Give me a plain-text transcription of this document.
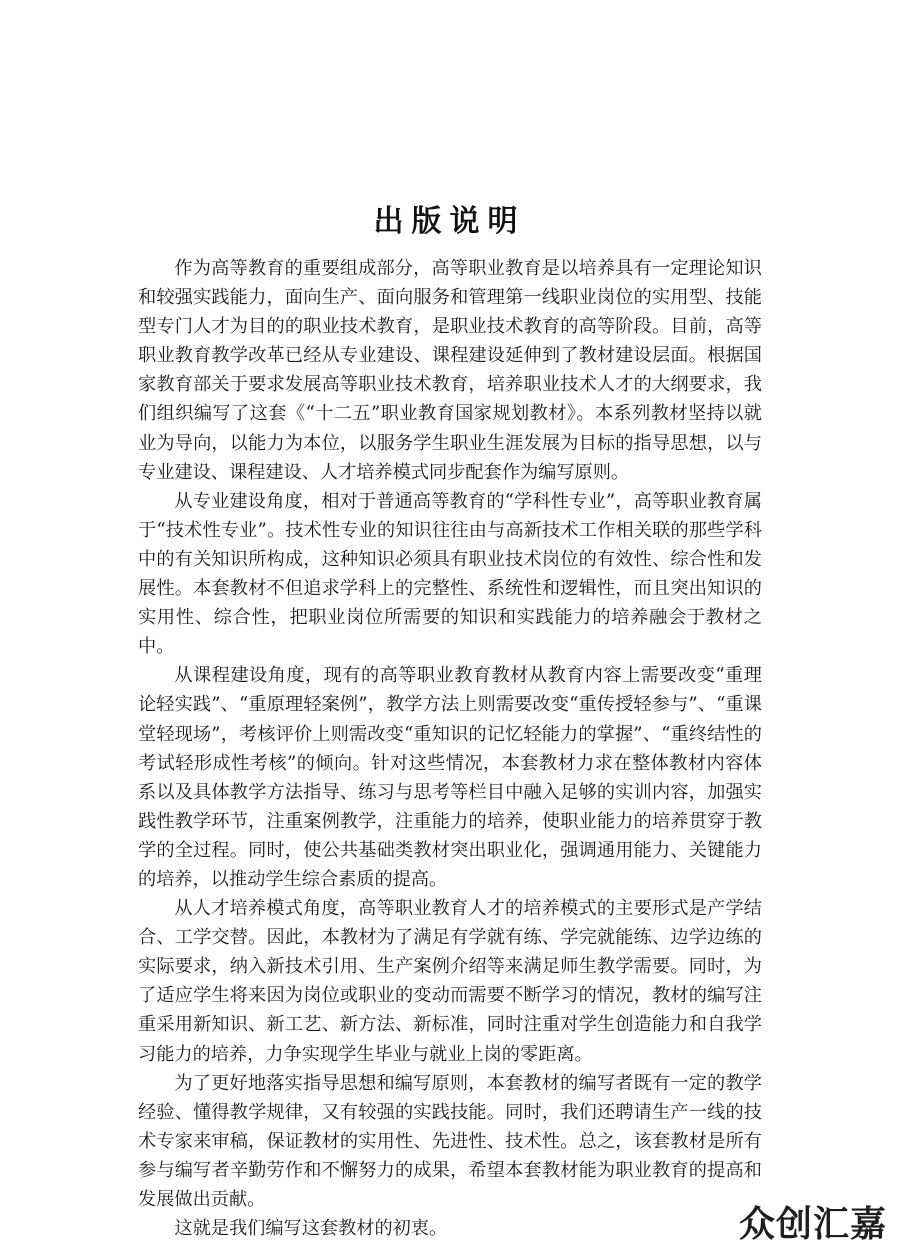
出版说明

作为高等教育的重要组成部分，高等职业教育是以培养具有一定理论知识和较强实践能力，面向生产、面向服务和管理第一线职业岗位的实用型、技能型专门人才为目的的职业技术教育，是职业技术教育的高等阶段。目前，高等职业教育教学改革已经从专业建设、课程建设延伸到了教材建设层面。根据国家教育部关于要求发展高等职业技术教育，培养职业技术人才的大纲要求，我们组织编写了这套《“十二五”职业教育国家规划教材》。本系列教材坚持以就业为导向，以能力为本位，以服务学生职业生涯发展为目标的指导思想，以与专业建设、课程建设、人才培养模式同步配套作为编写原则。

从专业建设角度，相对于普通高等教育的“学科性专业”，高等职业教育属于“技术性专业”。技术性专业的知识往往由与高新技术工作相关联的那些学科中的有关知识所构成，这种知识必须具有职业技术岗位的有效性、综合性和发展性。本套教材不但追求学科上的完整性、系统性和逻辑性，而且突出知识的实用性、综合性，把职业岗位所需要的知识和实践能力的培养融会于教材之中。

从课程建设角度，现有的高等职业教育教材从教育内容上需要改变“重理论轻实践”、“重原理轻案例”，教学方法上则需要改变“重传授轻参与”、“重课堂轻现场”，考核评价上则需改变“重知识的记忆轻能力的掌握”、“重终结性的考试轻形成性考核”的倾向。针对这些情况，本套教材力求在整体教材内容体系以及具体教学方法指导、练习与思考等栏目中融入足够的实训内容，加强实践性教学环节，注重案例教学，注重能力的培养，使职业能力的培养贯穿于教学的全过程。同时，使公共基础类教材突出职业化，强调通用能力、关键能力的培养，以推动学生综合素质的提高。

从人才培养模式角度，高等职业教育人才的培养模式的主要形式是产学结合、工学交替。因此，本教材为了满足有学就有练、学完就能练、边学边练的实际要求，纳入新技术引用、生产案例介绍等来满足师生教学需要。同时，为了适应学生将来因为岗位或职业的变动而需要不断学习的情况，教材的编写注重采用新知识、新工艺、新方法、新标准，同时注重对学生创造能力和自我学习能力的培养，力争实现学生毕业与就业上岗的零距离。

为了更好地落实指导思想和编写原则，本套教材的编写者既有一定的教学经验、懂得教学规律，又有较强的实践技能。同时，我们还聘请生产一线的技术专家来审稿，保证教材的实用性、先进性、技术性。总之，该套教材是所有参与编写者辛勤劳作和不懈努力的成果，希望本套教材能为职业教育的提高和发展做出贡献。

这就是我们编写这套教材的初衷。	众创汇嘉
